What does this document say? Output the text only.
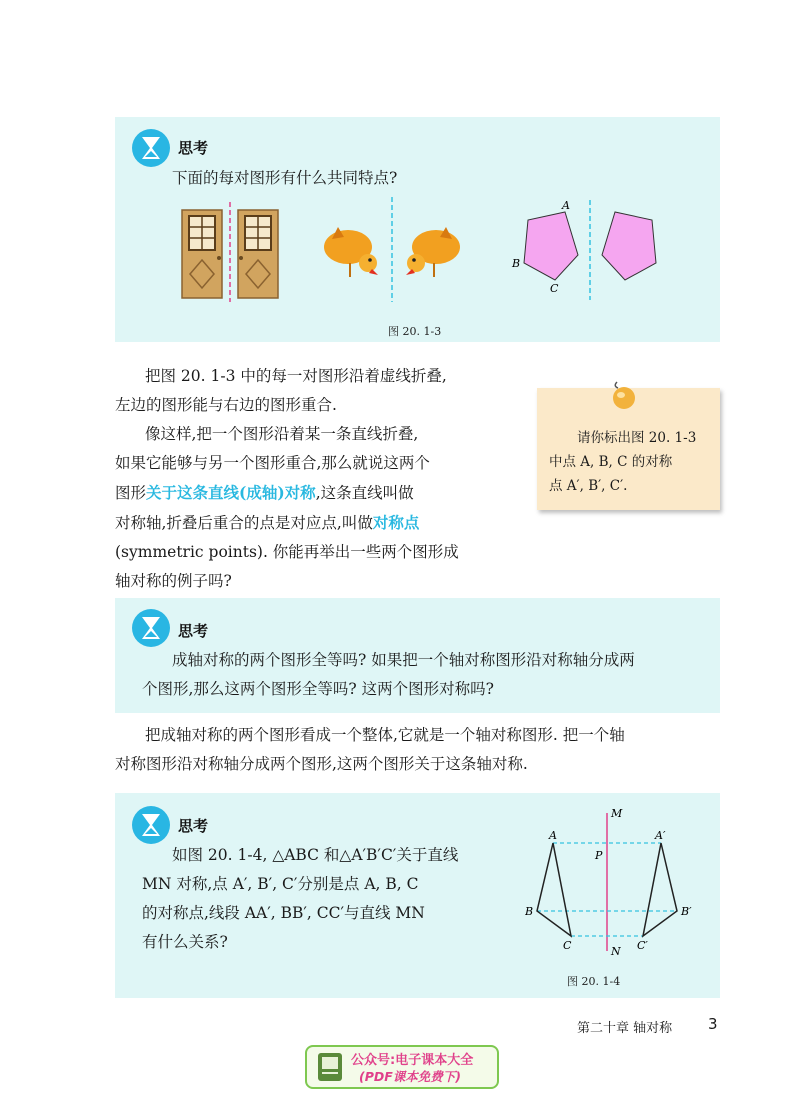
思考
下面的每对图形有什么共同特点?
A
B
C
图 20. 1-3
把图 20. 1-3 中的每一对图形沿着虚线折叠,
左边的图形能与右边的图形重合.
像这样,把一个图形沿着某一条直线折叠,
如果它能够与另一个图形重合,那么就说这两个
图形关于这条直线(成轴)对称,这条直线叫做
对称轴,折叠后重合的点是对应点,叫做对称点
(symmetric points). 你能再举出一些两个图形成
轴对称的例子吗?
请你标出图 20. 1-3
中点 A, B, C 的对称
点 A′, B′, C′.
思考
成轴对称的两个图形全等吗? 如果把一个轴对称图形沿对称轴分成两
个图形,那么这两个图形全等吗? 这两个图形对称吗?
把成轴对称的两个图形看成一个整体,它就是一个轴对称图形. 把一个轴
对称图形沿对称轴分成两个图形,这两个图形关于这条轴对称.
思考
如图 20. 1-4, △ABC 和△A′B′C′关于直线
MN 对称,点 A′, B′, C′分别是点 A, B, C
的对称点,线段 AA′, BB′, CC′与直线 MN
有什么关系?
M
N
P
A
B
C
A′
B′
C′
图 20. 1-4
第二十章 轴对称 3
公众号:电子课本大全
(PDF课本免费下)
